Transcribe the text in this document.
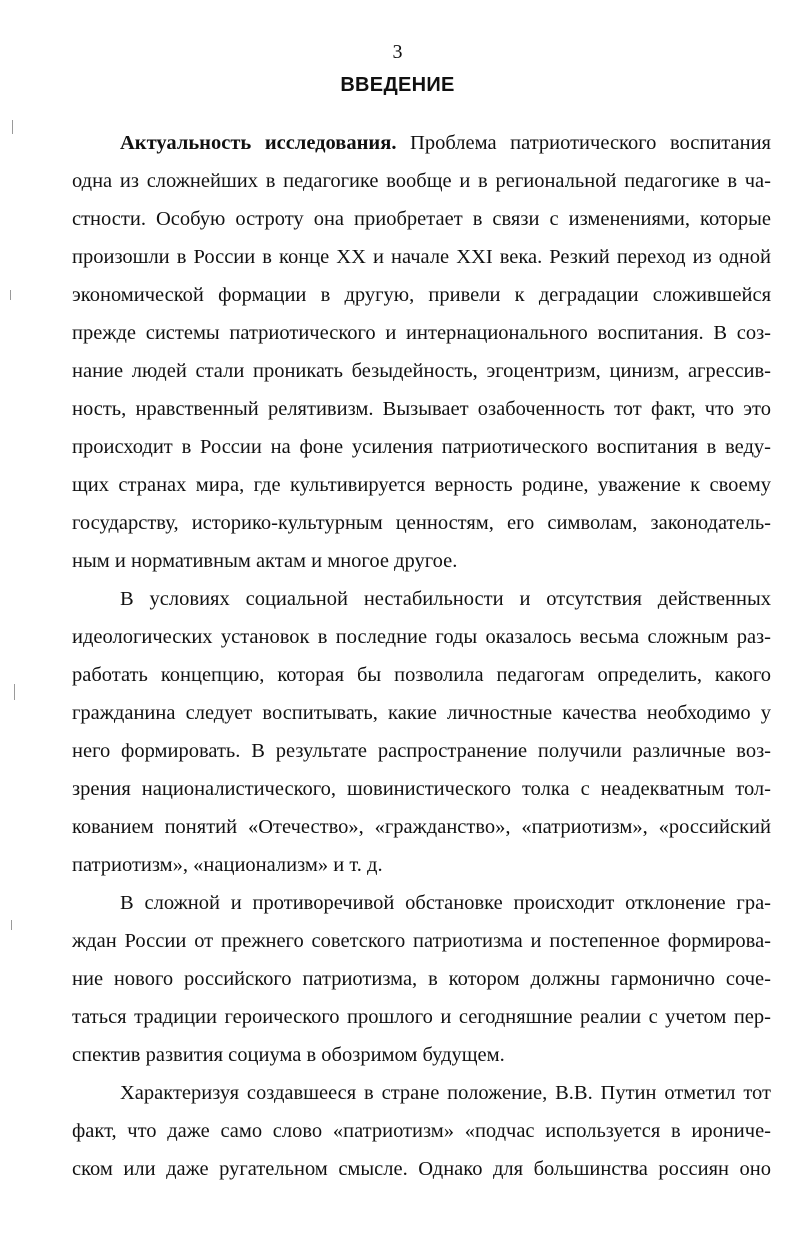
3
ВВЕДЕНИЕ
Актуальность исследования. Проблема патриотического воспитания
одна из сложнейших в педагогике вообще и в региональной педагогике в ча-
стности. Особую остроту она приобретает в связи с изменениями, которые
произошли в России в конце XX и начале XXI века. Резкий переход из одной
экономической формации в другую, привели к деградации сложившейся
прежде системы патриотического и интернационального воспитания. В соз-
нание людей стали проникать безыдейность, эгоцентризм, цинизм, агрессив-
ность, нравственный релятивизм. Вызывает озабоченность тот факт, что это
происходит в России на фоне усиления патриотического воспитания в веду-
щих странах мира, где культивируется верность родине, уважение к своему
государству, историко-культурным ценностям, его символам, законодатель-
ным и нормативным актам и многое другое.
В условиях социальной нестабильности и отсутствия действенных
идеологических установок в последние годы оказалось весьма сложным раз-
работать концепцию, которая бы позволила педагогам определить, какого
гражданина следует воспитывать, какие личностные качества необходимо у
него формировать. В результате распространение получили различные воз-
зрения националистического, шовинистического толка с неадекватным тол-
кованием понятий «Отечество», «гражданство», «патриотизм», «российский
патриотизм», «национализм» и т. д.
В сложной и противоречивой обстановке происходит отклонение гра-
ждан России от прежнего советского патриотизма и постепенное формирова-
ние нового российского патриотизма, в котором должны гармонично соче-
таться традиции героического прошлого и сегодняшние реалии с учетом пер-
спектив развития социума в обозримом будущем.
Характеризуя создавшееся в стране положение, В.В. Путин отметил тот
факт, что даже само слово «патриотизм» «подчас используется в ирониче-
ском или даже ругательном смысле. Однако для большинства россиян оно
